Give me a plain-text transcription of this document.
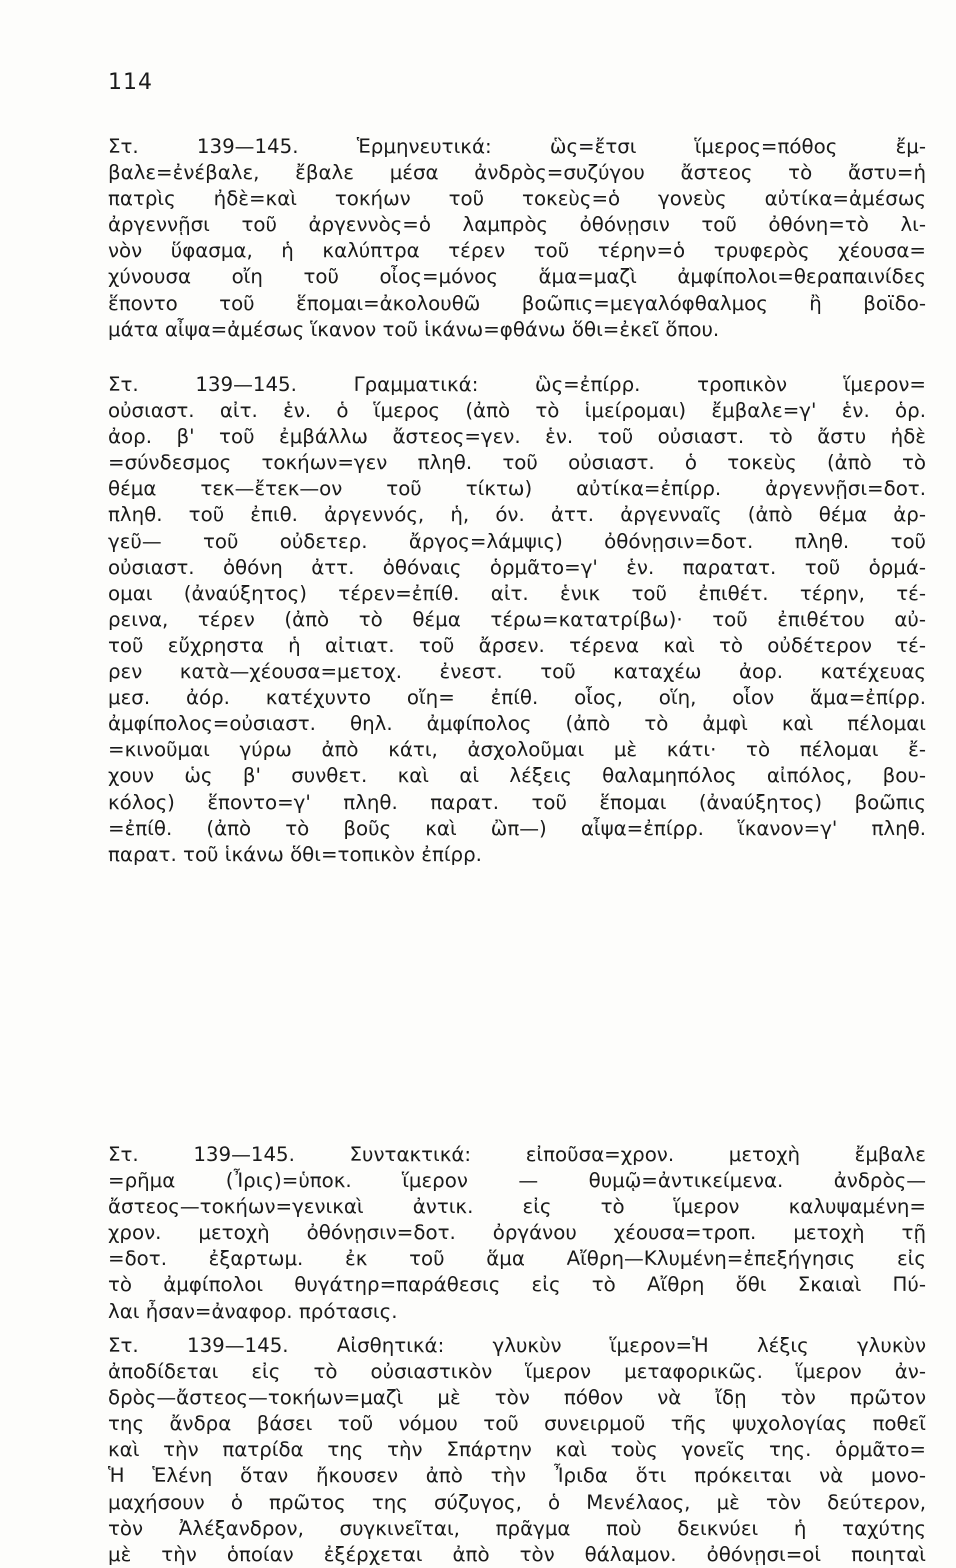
114
Στ. 139—145. Ἑρμηνευτικά: ὣς=ἔτσι ἵμερος=πόθος ἔμ-
βαλε=ἐνέβαλε, ἔβαλε μέσα ἀνδρὸς=συζύγου ἄστεος τὸ ἄστυ=ἡ
πατρὶς ἠδὲ=καὶ τοκήων τοῦ τοκεὺς=ὁ γονεὺς αὐτίκα=ἀμέσως
ἀργεννῇσι τοῦ ἀργεννὸς=ὁ λαμπρὸς ὀθόνῃσιν τοῦ ὀθόνη=τὸ λι-
νὸν ὕφασμα, ἡ καλύπτρα τέρεν τοῦ τέρην=ὁ τρυφερὸς χέουσα=
χύνουσα οἴη τοῦ οἶος=μόνος ἅμα=μαζὶ ἀμφίπολοι=θεραπαινίδες
ἕποντο τοῦ ἕπομαι=ἀκολουθῶ βοῶπις=μεγαλόφθαλμος ἢ βοϊδο-
μάτα αἶψα=ἀμέσως ἵκανον τοῦ ἱκάνω=φθάνω ὅθι=ἐκεῖ ὅπου.
Στ. 139—145. Γραμματικά: ὣς=ἐπίρρ. τροπικὸν ἵμερον=
οὐσιαστ. αἰτ. ἑν. ὁ ἵμερος (ἀπὸ τὸ ἱμείρομαι) ἔμβαλε=γ' ἑν. ὁρ.
ἀορ. β' τοῦ ἐμβάλλω ἄστεος=γεν. ἑν. τοῦ οὐσιαστ. τὸ ἄστυ ἠδὲ
=σύνδεσμος τοκήων=γεν πληθ. τοῦ οὐσιαστ. ὁ τοκεὺς (ἀπὸ τὸ
θέμα τεκ—ἔτεκ—ον τοῦ τίκτω) αὐτίκα=ἐπίρρ. ἀργεννῇσι=δοτ.
πληθ. τοῦ ἐπιθ. ἀργεννός, ἡ, όν. ἀττ. ἀργενναῖς (ἀπὸ θέμα ἀρ-
γεῦ— τοῦ οὐδετερ. ἄργος=λάμψις) ὀθόνῃσιν=δοτ. πληθ. τοῦ
οὐσιαστ. ὀθόνη ἀττ. ὀθόναις ὁρμᾶτο=γ' ἑν. παρατατ. τοῦ ὁρμά-
ομαι (ἀναύξητος) τέρεν=ἐπίθ. αἰτ. ἑνικ τοῦ ἐπιθέτ. τέρην, τέ-
ρεινα, τέρεν (ἀπὸ τὸ θέμα τέρω=κατατρίβω)· τοῦ ἐπιθέτου αὐ-
τοῦ εὔχρηστα ἡ αἰτιατ. τοῦ ἄρσεν. τέρενα καὶ τὸ οὐδέτερον τέ-
ρεν κατὰ—χέουσα=μετοχ. ἐνεστ. τοῦ καταχέω ἀορ. κατέχευας
μεσ. ἀόρ. κατέχυντο οἴη= ἐπίθ. οἷος, οἵη, οἷον ἅμα=ἐπίρρ.
ἀμφίπολος=οὐσιαστ. θηλ. ἀμφίπολος (ἀπὸ τὸ ἀμφὶ καὶ πέλομαι
=κινοῦμαι γύρω ἀπὸ κάτι, ἀσχολοῦμαι μὲ κάτι· τὸ πέλομαι ἔ-
χουν ὡς β' συνθετ. καὶ αἱ λέξεις θαλαμηπόλος αἰπόλος, βου-
κόλος) ἕποντο=γ' πληθ. παρατ. τοῦ ἕπομαι (ἀναύξητος) βοῶπις
=ἐπίθ. (ἀπὸ τὸ βοῦς καὶ ὢπ—) αἶψα=ἐπίρρ. ἵκανον=γ' πληθ.
παρατ. τοῦ ἱκάνω ὅθι=τοπικὸν ἐπίρρ.
Στ. 139—145. Συντακτικά: εἰποῦσα=χρον. μετοχὴ ἔμβαλε
=ρῆμα (Ἶρις)=ὑποκ. ἵμερον — θυμῷ=ἀντικείμενα. ἀνδρὸς—
ἄστεος—τοκήων=γενικαὶ ἀντικ. εἰς τὸ ἵμερον καλυψαμένη=
χρον. μετοχὴ ὀθόνῃσιν=δοτ. ὀργάνου χέουσα=τροπ. μετοχὴ τῇ
=δοτ. ἐξαρτωμ. ἐκ τοῦ ἅμα Αἴθρη—Κλυμένη=ἐπεξήγησις εἰς
τὸ ἀμφίπολοι θυγάτηρ=παράθεσις εἰς τὸ Αἴθρη ὅθι Σκαιαὶ Πύ-
λαι ἦσαν=ἀναφορ. πρότασις.
Στ. 139—145. Αἰσθητικά: γλυκὺν ἵμερον=Ἡ λέξις γλυκὺν
ἀποδίδεται εἰς τὸ οὐσιαστικὸν ἵμερον μεταφορικῶς. ἵμερον ἀν-
δρὸς—ἄστεος—τοκήων=μαζὶ μὲ τὸν πόθον νὰ ἴδῃ τὸν πρῶτον
της ἄνδρα βάσει τοῦ νόμου τοῦ συνειρμοῦ τῆς ψυχολογίας ποθεῖ
καὶ τὴν πατρίδα της τὴν Σπάρτην καὶ τοὺς γονεῖς της. ὁρμᾶτο=
Ἡ Ἑλένη ὅταν ἤκουσεν ἀπὸ τὴν Ἶριδα ὅτι πρόκειται νὰ μονο-
μαχήσουν ὁ πρῶτος της σύζυγος, ὁ Μενέλαος, μὲ τὸν δεύτερον,
τὸν Ἀλέξανδρον, συγκινεῖται, πρᾶγμα ποὺ δεικνύει ἡ ταχύτης
μὲ τὴν ὁποίαν ἐξέρχεται ἀπὸ τὸν θάλαμον. ὀθόνῃσι=οἱ ποιηταὶ
